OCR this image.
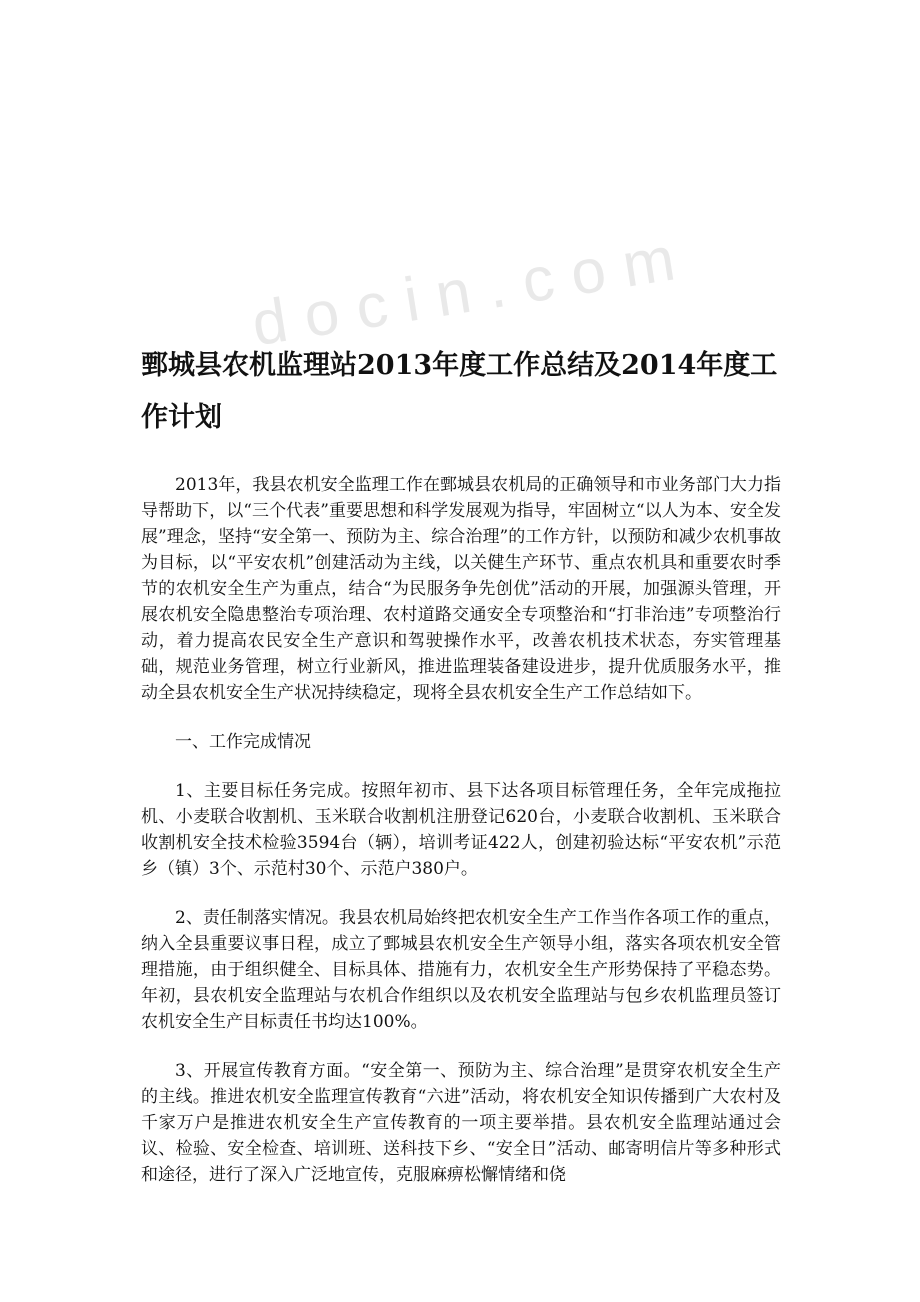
docin.com
鄄城县农机监理站2013年度工作总结及2014年度工作计划

2013年，我县农机安全监理工作在鄄城县农机局的正确领导和市业务部门大力指导帮助下，以“三个代表”重要思想和科学发展观为指导，牢固树立“以人为本、安全发展”理念，坚持“安全第一、预防为主、综合治理”的工作方针，以预防和减少农机事故为目标，以“平安农机”创建活动为主线，以关健生产环节、重点农机具和重要农时季节的农机安全生产为重点，结合“为民服务争先创优”活动的开展，加强源头管理，开展农机安全隐患整治专项治理、农村道路交通安全专项整治和“打非治违”专项整治行动，着力提高农民安全生产意识和驾驶操作水平，改善农机技术状态，夯实管理基础，规范业务管理，树立行业新风，推进监理装备建设进步，提升优质服务水平，推动全县农机安全生产状况持续稳定，现将全县农机安全生产工作总结如下。

一、工作完成情况

1、主要目标任务完成。按照年初市、县下达各项目标管理任务，全年完成拖拉机、小麦联合收割机、玉米联合收割机注册登记620台，小麦联合收割机、玉米联合收割机安全技术检验3594台（辆），培训考证422人，创建初验达标“平安农机”示范乡（镇）3个、示范村30个、示范户380户。

2、责任制落实情况。我县农机局始终把农机安全生产工作当作各项工作的重点，纳入全县重要议事日程，成立了鄄城县农机安全生产领导小组，落实各项农机安全管理措施，由于组织健全、目标具体、措施有力，农机安全生产形势保持了平稳态势。年初，县农机安全监理站与农机合作组织以及农机安全监理站与包乡农机监理员签订农机安全生产目标责任书均达100%。

3、开展宣传教育方面。“安全第一、预防为主、综合治理”是贯穿农机安全生产的主线。推进农机安全监理宣传教育“六进”活动，将农机安全知识传播到广大农村及千家万户是推进农机安全生产宣传教育的一项主要举措。县农机安全监理站通过会议、检验、安全检查、培训班、送科技下乡、“安全日”活动、邮寄明信片等多种形式和途径，进行了深入广泛地宣传，克服麻痹松懈情绪和侥
